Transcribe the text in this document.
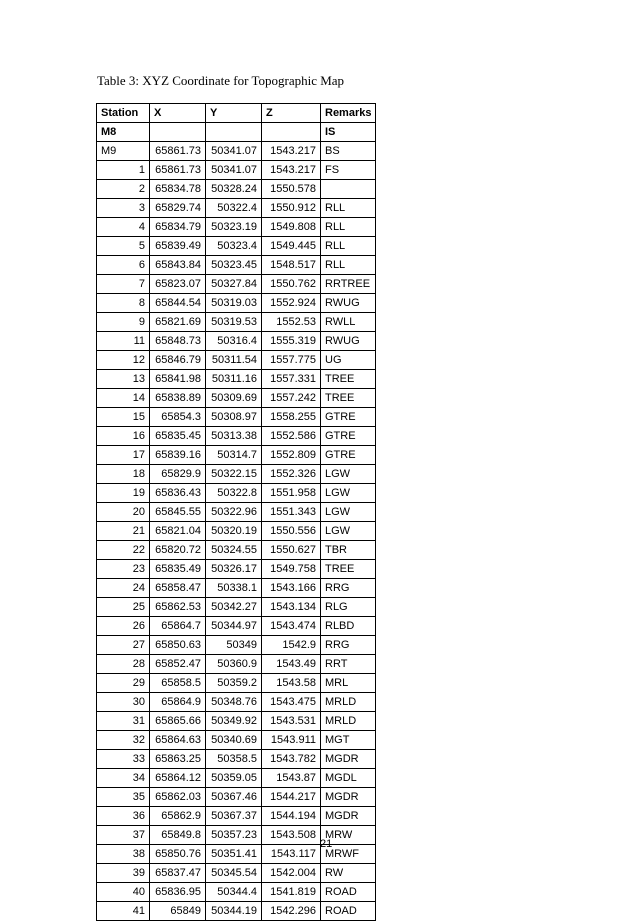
Table 3: XYZ Coordinate for Topographic Map
Station	X	Y	Z	Remarks
M8				IS
M9	65861.73	50341.07	1543.217	BS
1	65861.73	50341.07	1543.217	FS
2	65834.78	50328.24	1550.578	
3	65829.74	50322.4	1550.912	RLL
4	65834.79	50323.19	1549.808	RLL
5	65839.49	50323.4	1549.445	RLL
6	65843.84	50323.45	1548.517	RLL
7	65823.07	50327.84	1550.762	RRTREE
8	65844.54	50319.03	1552.924	RWUG
9	65821.69	50319.53	1552.53	RWLL
11	65848.73	50316.4	1555.319	RWUG
12	65846.79	50311.54	1557.775	UG
13	65841.98	50311.16	1557.331	TREE
14	65838.89	50309.69	1557.242	TREE
15	65854.3	50308.97	1558.255	GTRE
16	65835.45	50313.38	1552.586	GTRE
17	65839.16	50314.7	1552.809	GTRE
18	65829.9	50322.15	1552.326	LGW
19	65836.43	50322.8	1551.958	LGW
20	65845.55	50322.96	1551.343	LGW
21	65821.04	50320.19	1550.556	LGW
22	65820.72	50324.55	1550.627	TBR
23	65835.49	50326.17	1549.758	TREE
24	65858.47	50338.1	1543.166	RRG
25	65862.53	50342.27	1543.134	RLG
26	65864.7	50344.97	1543.474	RLBD
27	65850.63	50349	1542.9	RRG
28	65852.47	50360.9	1543.49	RRT
29	65858.5	50359.2	1543.58	MRL
30	65864.9	50348.76	1543.475	MRLD
31	65865.66	50349.92	1543.531	MRLD
32	65864.63	50340.69	1543.911	MGT
33	65863.25	50358.5	1543.782	MGDR
34	65864.12	50359.05	1543.87	MGDL
35	65862.03	50367.46	1544.217	MGDR
36	65862.9	50367.37	1544.194	MGDR
37	65849.8	50357.23	1543.508	MRW
38	65850.76	50351.41	1543.117	MRWF
39	65837.47	50345.54	1542.004	RW
40	65836.95	50344.4	1541.819	ROAD
41	65849	50344.19	1542.296	ROAD
21
